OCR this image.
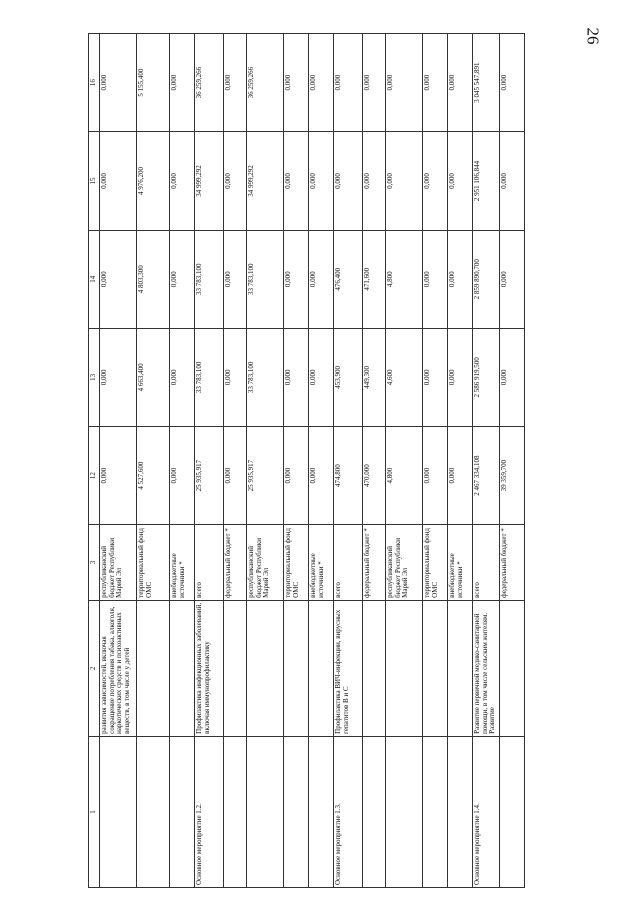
26
1	2	3	12	13	14	15	16
	развития зависимостей, включая сокращение потребления табака, алкоголя, наркотических средств и психоактивных веществ, в том числе у детей	республиканский бюджет Республики Марий Эл	0,000	0,000	0,000	0,000	0,000
		территориальный фонд ОМС	4 527,600	4 663,400	4 803,300	4 976,200	5 155,400
		внебюджетные источники *	0,000	0,000	0,000	0,000	0,000
Основное мероприятие 1.2.	Профилактика инфекционных заболеваний, включая иммунопрофилактику	всего	25 935,917	33 783,100	33 783,100	34 999,292	36 259,266
		федеральный бюджет *	0,000	0,000	0,000	0,000	0,000
		республиканский бюджет Республики Марий Эл	25 935,917	33 783,100	33 783,100	34 999,292	36 259,266
		территориальный фонд ОМС	0,000	0,000	0,000	0,000	0,000
		внебюджетные источники *	0,000	0,000	0,000	0,000	0,000
Основное мероприятие 1.3.	Профилактика ВИЧ-инфекции, вирусных гепатитов В и С	всего	474,800	453,900	476,400	0,000	0,000
		федеральный бюджет *	470,000	449,300	471,600	0,000	0,000
		республиканский бюджет Республики Марий Эл	4,800	4,600	4,800	0,000	0,000
		территориальный фонд ОМС	0,000	0,000	0,000	0,000	0,000
		внебюджетные источники *	0,000	0,000	0,000	0,000	0,000
Основное мероприятие 1.4.	Развитие первичной медико-санитарной помощи, в том числе сельским жителям. Развитие	всего	2 467 334,108	2 586 919,500	2 859 890,700	2 951 106,844	3 045 547,891
		федеральный бюджет *	39 359,700	0,000	0,000	0,000	0,000
